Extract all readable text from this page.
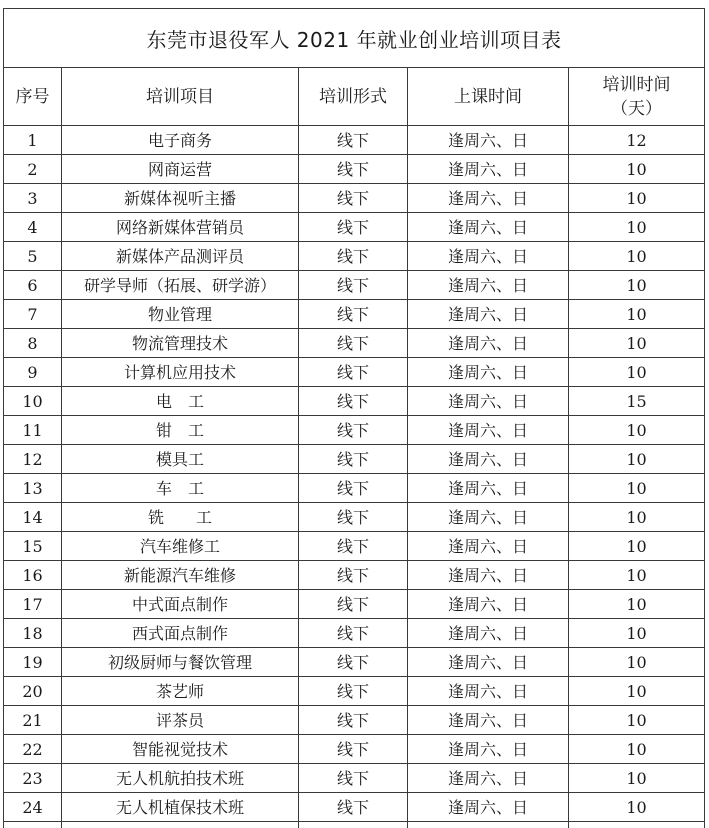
东莞市退役军人 2021 年就业创业培训项目表				
序号	培训项目	培训形式	上课时间	培训时间
（天）

1	电子商务	线下	逢周六、日	12
2	网商运营	线下	逢周六、日	10
3	新媒体视听主播	线下	逢周六、日	10
4	网络新媒体营销员	线下	逢周六、日	10
5	新媒体产品测评员	线下	逢周六、日	10
6	研学导师（拓展、研学游）	线下	逢周六、日	10
7	物业管理	线下	逢周六、日	10
8	物流管理技术	线下	逢周六、日	10
9	计算机应用技术	线下	逢周六、日	10
10	电　工	线下	逢周六、日	15
11	钳　工	线下	逢周六、日	10
12	模具工	线下	逢周六、日	10
13	车　工	线下	逢周六、日	10
14	铣　　工	线下	逢周六、日	10
15	汽车维修工	线下	逢周六、日	10
16	新能源汽车维修	线下	逢周六、日	10
17	中式面点制作	线下	逢周六、日	10
18	西式面点制作	线下	逢周六、日	10
19	初级厨师与餐饮管理	线下	逢周六、日	10
20	茶艺师	线下	逢周六、日	10
21	评茶员	线下	逢周六、日	10
22	智能视觉技术	线下	逢周六、日	10
23	无人机航拍技术班	线下	逢周六、日	10
24	无人机植保技术班	线下	逢周六、日	10
